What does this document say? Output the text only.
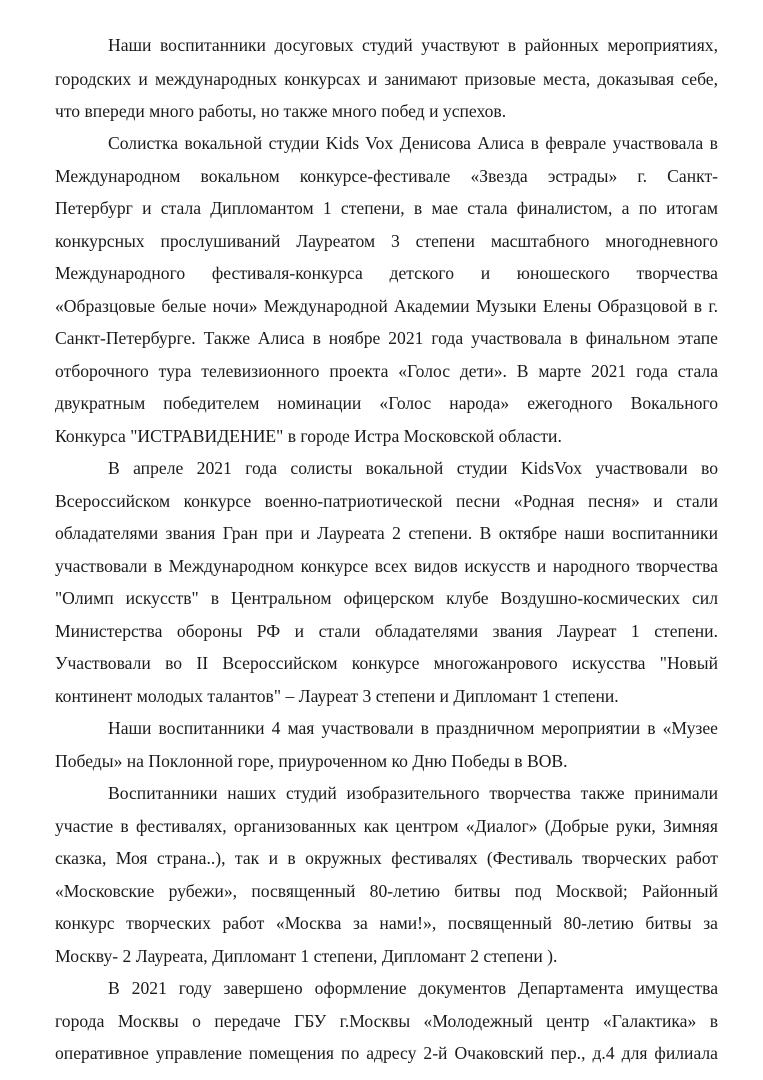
Наши воспитанники досуговых студий участвуют в районных мероприятиях,

городских и международных конкурсах и занимают призовые места, доказывая себе,

что впереди много работы, но также много побед и успехов.

Солистка вокальной студии Kids Vox Денисова Алиса в феврале участвовала в

Международном вокальном конкурсе-фестивале «Звезда эстрады» г. Санкт-

Петербург и стала Дипломантом 1 степени, в мае стала финалистом, а по итогам

конкурсных прослушиваний Лауреатом 3 степени масштабного многодневного

Международного фестиваля-конкурса детского и юношеского творчества

«Образцовые белые ночи» Международной Академии Музыки Елены Образцовой в г.

Санкт-Петербурге. Также Алиса в ноябре 2021 года участвовала в финальном этапе

отборочного тура телевизионного проекта «Голос дети». В марте 2021 года стала

двукратным победителем номинации «Голос народа» ежегодного Вокального

Конкурса "ИСТРАВИДЕНИЕ" в городе Истра Московской области.

В апреле 2021 года солисты вокальной студии KidsVox участвовали во

Всероссийском конкурсе военно-патриотической песни «Родная песня» и стали

обладателями звания Гран при и Лауреата 2 степени. В октябре наши воспитанники

участвовали в Международном конкурсе всех видов искусств и народного творчества

"Олимп искусств" в Центральном офицерском клубе Воздушно-космических сил

Министерства обороны РФ и стали обладателями звания Лауреат 1 степени.

Участвовали во II Всероссийском конкурсе многожанрового искусства "Новый

континент молодых талантов" – Лауреат 3 степени и Дипломант 1 степени.

Наши воспитанники 4 мая участвовали в праздничном мероприятии в «Музее

Победы» на Поклонной горе, приуроченном ко Дню Победы в ВОВ.

Воспитанники наших студий изобразительного творчества также принимали

участие в фестивалях, организованных как центром «Диалог» (Добрые руки, Зимняя

сказка, Моя страна..), так и в окружных фестивалях (Фестиваль творческих работ

«Московские рубежи», посвященный 80-летию битвы под Москвой; Районный

конкурс творческих работ «Москва за нами!», посвященный 80-летию битвы за

Москву- 2 Лауреата, Дипломант 1 степени, Дипломант 2 степени ).

В 2021 году завершено оформление документов Департамента имущества

города Москвы о передаче ГБУ г.Москвы «Молодежный центр «Галактика» в

оперативное управление помещения по адресу 2-й Очаковский пер., д.4 для филиала
